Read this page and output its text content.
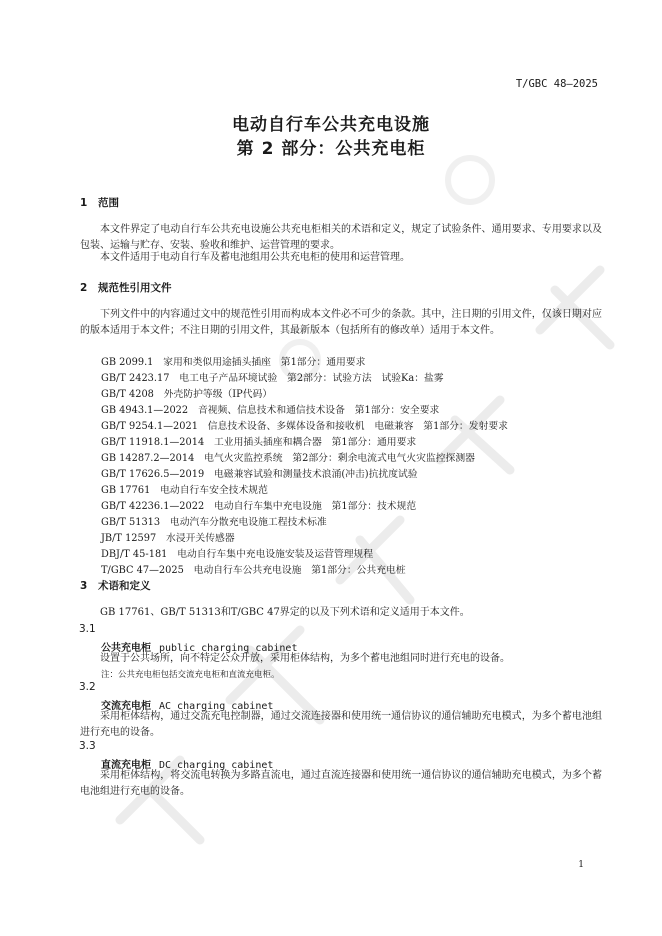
T/GBC 48—2025
电动自行车公共充电设施
第 2 部分：公共充电柜
1 范围
本文件界定了电动自行车公共充电设施公共充电柜相关的术语和定义，规定了试验条件、通用要求、专用要求以及包装、运输与贮存、安装、验收和维护、运营管理的要求。
本文件适用于电动自行车及蓄电池组用公共充电柜的使用和运营管理。
2 规范性引用文件
下列文件中的内容通过文中的规范性引用而构成本文件必不可少的条款。其中，注日期的引用文件，仅该日期对应的版本适用于本文件；不注日期的引用文件，其最新版本（包括所有的修改单）适用于本文件。
GB 2099.1　家用和类似用途插头插座　第1部分：通用要求
GB/T 2423.17　电工电子产品环境试验　第2部分：试验方法　试验Ka：盐雾
GB/T 4208　外壳防护等级（IP代码）
GB 4943.1—2022　音视频、信息技术和通信技术设备　第1部分：安全要求
GB/T 9254.1—2021　信息技术设备、多媒体设备和接收机　电磁兼容　第1部分：发射要求
GB/T 11918.1—2014　工业用插头插座和耦合器　第1部分：通用要求
GB 14287.2—2014　电气火灾监控系统　第2部分：剩余电流式电气火灾监控探测器
GB/T 17626.5—2019　电磁兼容试验和测量技术浪涌(冲击)抗扰度试验
GB 17761　电动自行车安全技术规范
GB/T 42236.1—2022　电动自行车集中充电设施　第1部分：技术规范
GB/T 51313　电动汽车分散充电设施工程技术标准
JB/T 12597　水浸开关传感器
DBJ/T 45-181　电动自行车集中充电设施安装及运营管理规程
T/GBC 47—2025　电动自行车公共充电设施　第1部分：公共充电桩
3 术语和定义
GB 17761、GB/T 51313和T/GBC 47界定的以及下列术语和定义适用于本文件。
3.1
公共充电柜 public charging cabinet
设置于公共场所，向不特定公众开放，采用柜体结构，为多个蓄电池组同时进行充电的设备。
注：公共充电柜包括交流充电柜和直流充电柜。
3.2
交流充电柜 AC charging cabinet
采用柜体结构，通过交流充电控制器，通过交流连接器和使用统一通信协议的通信辅助充电模式，为多个蓄电池组进行充电的设备。
3.3
直流充电柜 DC charging cabinet
采用柜体结构，将交流电转换为多路直流电，通过直流连接器和使用统一通信协议的通信辅助充电模式，为多个蓄电池组进行充电的设备。
1
